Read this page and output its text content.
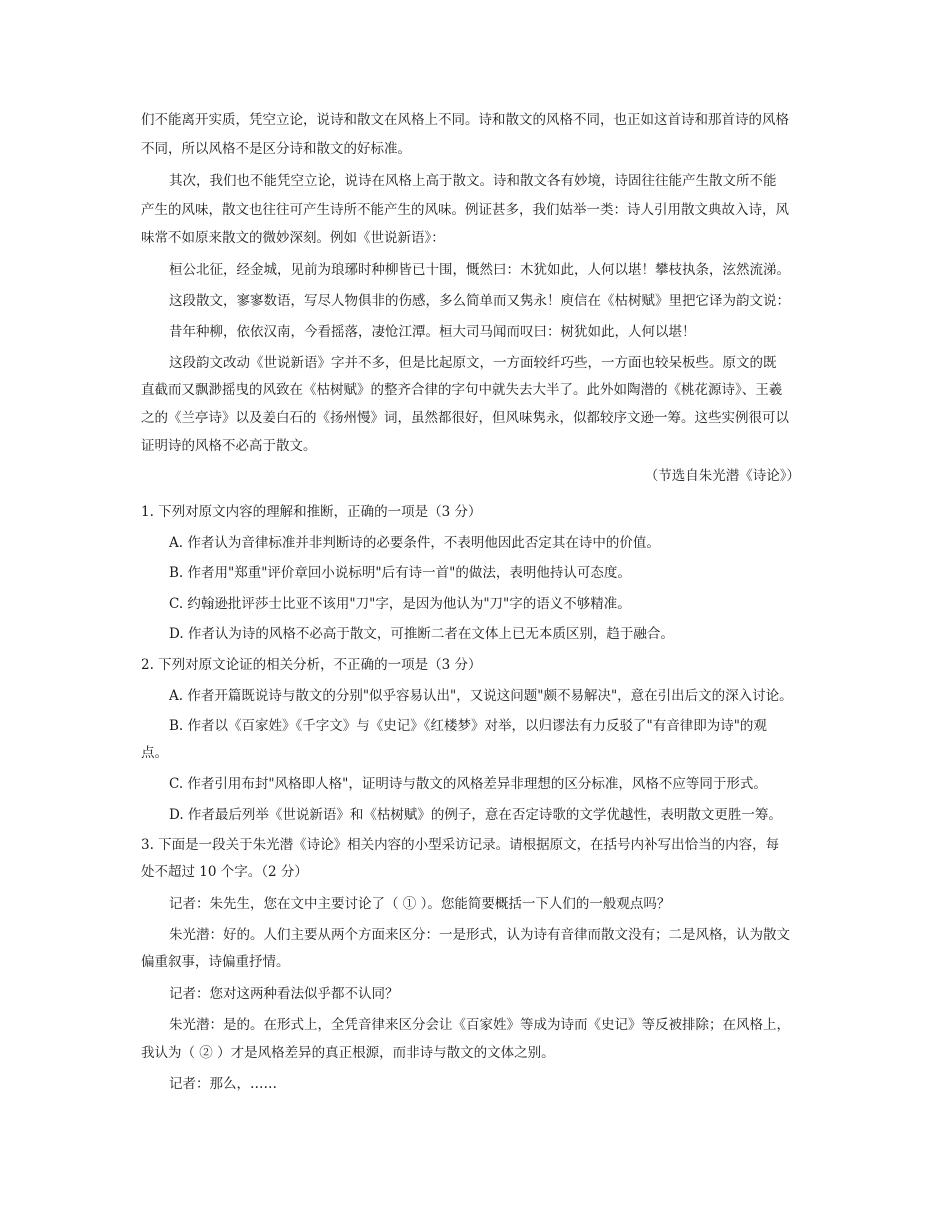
们不能离开实质，凭空立论，说诗和散文在风格上不同。诗和散文的风格不同，也正如这首诗和那首诗的风格
不同，所以风格不是区分诗和散文的好标准。
其次，我们也不能凭空立论，说诗在风格上高于散文。诗和散文各有妙境，诗固往往能产生散文所不能
产生的风味，散文也往往可产生诗所不能产生的风味。例证甚多，我们姑举一类：诗人引用散文典故入诗，风
味常不如原来散文的微妙深刻。例如《世说新语》：
桓公北征，经金城，见前为琅琊时种柳皆已十围，慨然曰：木犹如此，人何以堪！攀枝执条，泫然流涕。
这段散文，寥寥数语，写尽人物俱非的伤感，多么简单而又隽永！庾信在《枯树赋》里把它译为韵文说：
昔年种柳，依依汉南，今看摇落，凄怆江潭。桓大司马闻而叹曰：树犹如此，人何以堪！
这段韵文改动《世说新语》字并不多，但是比起原文，一方面较纤巧些，一方面也较呆板些。原文的既
直截而又飘渺摇曳的风致在《枯树赋》的整齐合律的字句中就失去大半了。此外如陶潜的《桃花源诗》、王羲
之的《兰亭诗》以及姜白石的《扬州慢》词，虽然都很好，但风味隽永，似都较序文逊一筹。这些实例很可以
证明诗的风格不必高于散文。
（节选自朱光潜《诗论》）
1. 下列对原文内容的理解和推断，正确的一项是（3 分）
A. 作者认为音律标准并非判断诗的必要条件，不表明他因此否定其在诗中的价值。
B. 作者用"郑重"评价章回小说标明"后有诗一首"的做法，表明他持认可态度。
C. 约翰逊批评莎士比亚不该用"刀"字，是因为他认为"刀"字的语义不够精准。
D. 作者认为诗的风格不必高于散文，可推断二者在文体上已无本质区别，趋于融合。
2. 下列对原文论证的相关分析，不正确的一项是（3 分）
A. 作者开篇既说诗与散文的分别"似乎容易认出"，又说这问题"颇不易解决"，意在引出后文的深入讨论。
B. 作者以《百家姓》《千字文》与《史记》《红楼梦》对举，以归谬法有力反驳了"有音律即为诗"的观
点。
C. 作者引用布封"风格即人格"，证明诗与散文的风格差异非理想的区分标准，风格不应等同于形式。
D. 作者最后列举《世说新语》和《枯树赋》的例子，意在否定诗歌的文学优越性，表明散文更胜一筹。
3. 下面是一段关于朱光潜《诗论》相关内容的小型采访记录。请根据原文，在括号内补写出恰当的内容，每
处不超过 10 个字。（2 分）
记者：朱先生，您在文中主要讨论了（ ① ）。您能简要概括一下人们的一般观点吗？
朱光潜：好的。人们主要从两个方面来区分：一是形式，认为诗有音律而散文没有；二是风格，认为散文
偏重叙事，诗偏重抒情。
记者：您对这两种看法似乎都不认同？
朱光潜：是的。在形式上，全凭音律来区分会让《百家姓》等成为诗而《史记》等反被排除；在风格上，
我认为（ ② ）才是风格差异的真正根源，而非诗与散文的文体之别。
记者：那么，……
